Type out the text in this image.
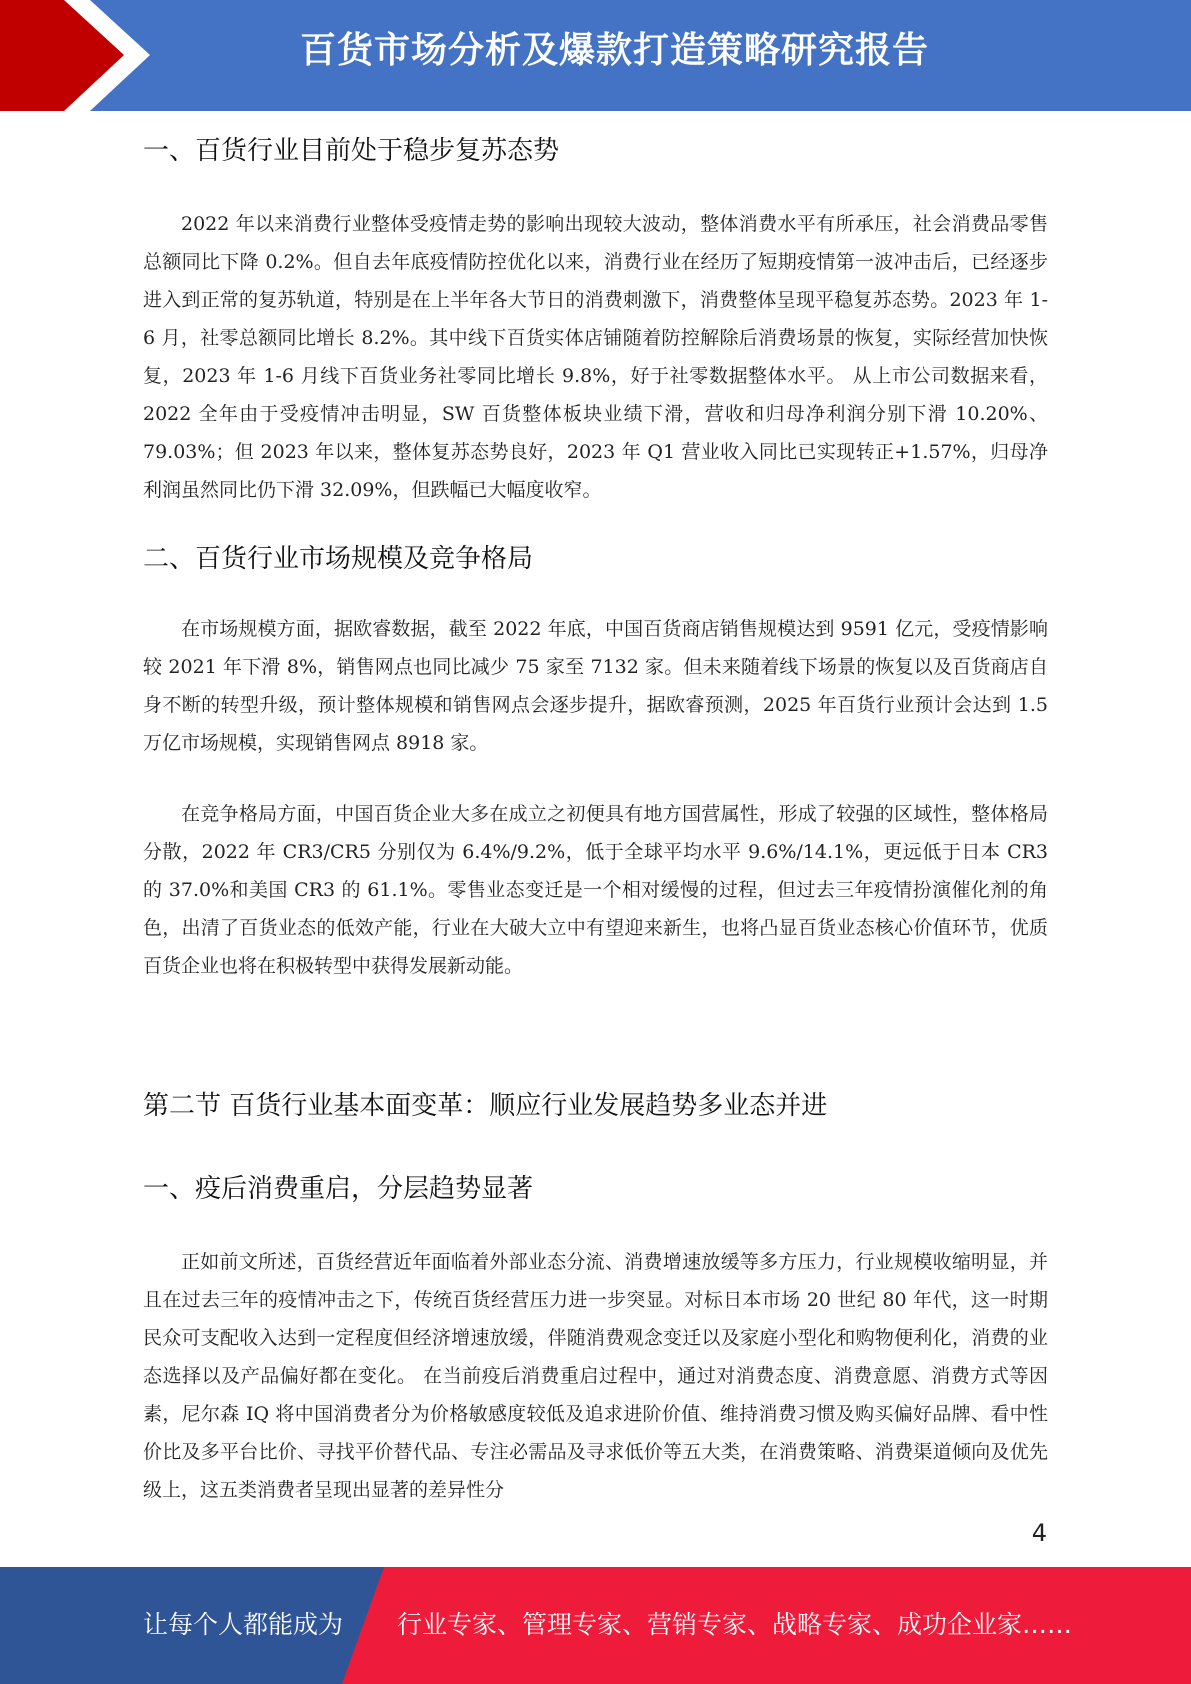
百货市场分析及爆款打造策略研究报告
一、百货行业目前处于稳步复苏态势

2022 年以来消费行业整体受疫情走势的影响出现较大波动，整体消费水平有所承压，社会消费品零售总额同比下降 0.2%。但自去年底疫情防控优化以来，消费行业在经历了短期疫情第一波冲击后，已经逐步进入到正常的复苏轨道，特别是在上半年各大节日的消费刺激下，消费整体呈现平稳复苏态势。2023 年 1-6 月，社零总额同比增长 8.2%。其中线下百货实体店铺随着防控解除后消费场景的恢复，实际经营加快恢复，2023 年 1-6 月线下百货业务社零同比增长 9.8%，好于社零数据整体水平。 从上市公司数据来看，2022 全年由于受疫情冲击明显，SW 百货整体板块业绩下滑，营收和归母净利润分别下滑 10.20%、79.03%；但 2023 年以来，整体复苏态势良好，2023 年 Q1 营业收入同比已实现转正+1.57%，归母净利润虽然同比仍下滑 32.09%，但跌幅已大幅度收窄。

二、百货行业市场规模及竞争格局

在市场规模方面，据欧睿数据，截至 2022 年底，中国百货商店销售规模达到 9591 亿元，受疫情影响较 2021 年下滑 8%，销售网点也同比减少 75 家至 7132 家。但未来随着线下场景的恢复以及百货商店自身不断的转型升级，预计整体规模和销售网点会逐步提升，据欧睿预测，2025 年百货行业预计会达到 1.5 万亿市场规模，实现销售网点 8918 家。

在竞争格局方面，中国百货企业大多在成立之初便具有地方国营属性，形成了较强的区域性，整体格局分散，2022 年 CR3/CR5 分别仅为 6.4%/9.2%，低于全球平均水平 9.6%/14.1%，更远低于日本 CR3 的 37.0%和美国 CR3 的 61.1%。零售业态变迁是一个相对缓慢的过程，但过去三年疫情扮演催化剂的角色，出清了百货业态的低效产能，行业在大破大立中有望迎来新生，也将凸显百货业态核心价值环节，优质百货企业也将在积极转型中获得发展新动能。

第二节 百货行业基本面变革：顺应行业发展趋势多业态并进
一、疫后消费重启，分层趋势显著

正如前文所述，百货经营近年面临着外部业态分流、消费增速放缓等多方压力，行业规模收缩明显，并且在过去三年的疫情冲击之下，传统百货经营压力进一步突显。对标日本市场 20 世纪 80 年代，这一时期民众可支配收入达到一定程度但经济增速放缓，伴随消费观念变迁以及家庭小型化和购物便利化，消费的业态选择以及产品偏好都在变化。 在当前疫后消费重启过程中，通过对消费态度、消费意愿、消费方式等因素，尼尔森 IQ 将中国消费者分为价格敏感度较低及追求进阶价值、维持消费习惯及购买偏好品牌、看中性价比及多平台比价、寻找平价替代品、专注必需品及寻求低价等五大类，在消费策略、消费渠道倾向及优先级上，这五类消费者呈现出显著的差异性分

4
让每个人都能成为 行业专家、管理专家、营销专家、战略专家、成功企业家……
